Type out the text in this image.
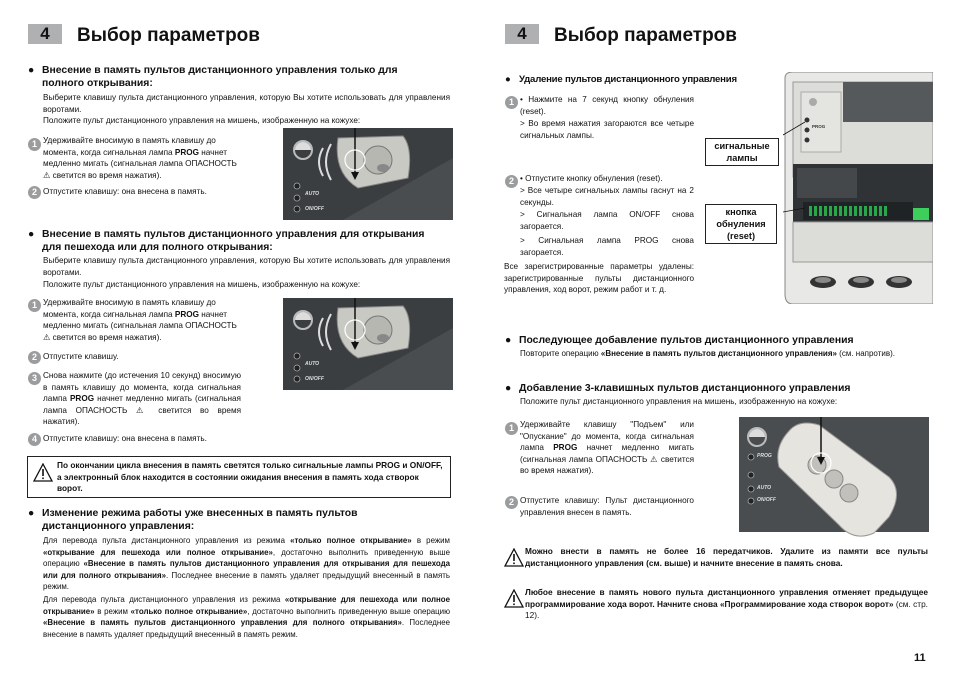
4	Выбор параметров
● Внесение в память пультов дистанционного управления только для полного открывания:
Выберите клавишу пульта дистанционного управления, которую Вы хотите использовать для управления воротами.
Положите пульт дистанционного управления на мишень, изображенную на кожухе:
1 Удерживайте вносимую в память клавишу до момента, когда сигнальная лампа PROG начнет медленно мигать (сигнальная лампа ОПАСНОСТЬ ⚠ светится во время нажатия).
2 Отпустите клавишу: она внесена в память.	AUTO
ON/OFF
● Внесение в память пультов дистанционного управления для открывания для пешехода или для полного открывания:
Выберите клавишу пульта дистанционного управления, которую Вы хотите использовать для управления воротами.
Положите пульт дистанционного управления на мишень, изображенную на кожухе:
1 Удерживайте вносимую в память клавишу до момента, когда сигнальная лампа PROG начнет медленно мигать (сигнальная лампа ОПАСНОСТЬ ⚠ светится во время нажатия).
2 Отпустите клавишу.
3 Снова нажмите (до истечения 10 секунд) вносимую в память клавишу до момента, когда сигнальная лампа PROG начнет медленно мигать (сигнальная лампа ОПАСНОСТЬ ⚠ светится во время нажатия).
4 Отпустите клавишу: она внесена в память.
AUTO
ON/OFF
По окончании цикла внесения в память светятся только сигнальные лампы PROG и ON/OFF, а электронный блок находится в состоянии ожидания внесения в память хода створок ворот.
● Изменение режима работы уже внесенных в память пультов дистанционного управления:
Для перевода пульта дистанционного управления из режима «только полное открывание» в режим «открывание для пешехода или полное открывание», достаточно выполнить приведенную выше операцию «Внесение в память пультов дистанционного управления для открывания для пешехода или для полного открывания». Последнее внесение в память удаляет предыдущий внесенный в память режим.
Для перевода пульта дистанционного управления из режима «открывание для пешехода или полное открывание» в режим «только полное открывание», достаточно выполнить приведенную выше операцию «Внесение в память пультов дистанционного управления для полного открывания». Последнее внесение в память удаляет предыдущий внесенный в память режим.
4	Выбор параметров
● Удаление пультов дистанционного управления
1 • Нажмите на 7 секунд кнопку обнуления (reset).
> Во время нажатия загораются все четыре сигнальных лампы.
2 • Отпустите кнопку обнуления (reset).
> Все четыре сигнальных лампы гаснут на 2 секунды.
> Сигнальная лампа ON/OFF снова загорается.
> Сигнальная лампа PROG снова загорается.
Все зарегистрированные параметры удалены: зарегистрированные пульты дистанционного управления, ход ворот, режим работ и т. д.
PROG
сигнальные лампы
кнопка обнуления (reset)
● Последующее добавление пультов дистанционного управления
Повторите операцию «Внесение в память пультов дистанционного управления» (см. напротив).
● Добавление 3-клавишных пультов дистанционного управления
Положите пульт дистанционного управления на мишень, изображенную на кожухе:
1 Удерживайте клавишу "Подъем" или "Опускание" до момента, когда сигнальная лампа PROG начнет медленно мигать (сигнальная лампа ОПАСНОСТЬ ⚠ светится во время нажатия).
2 Отпустите клавишу: Пульт дистанционного управления внесен в память.
PROG
AUTO
ON/OFF
Можно внести в память не более 16 передатчиков. Удалите из памяти все пульты дистанционного управления (см. выше) и начните внесение в память снова.
Любое внесение в память нового пульта дистанционного управления отменяет предыдущее программирование хода ворот. Начните снова «Программирование хода створок ворот» (см. стр. 12).
11
